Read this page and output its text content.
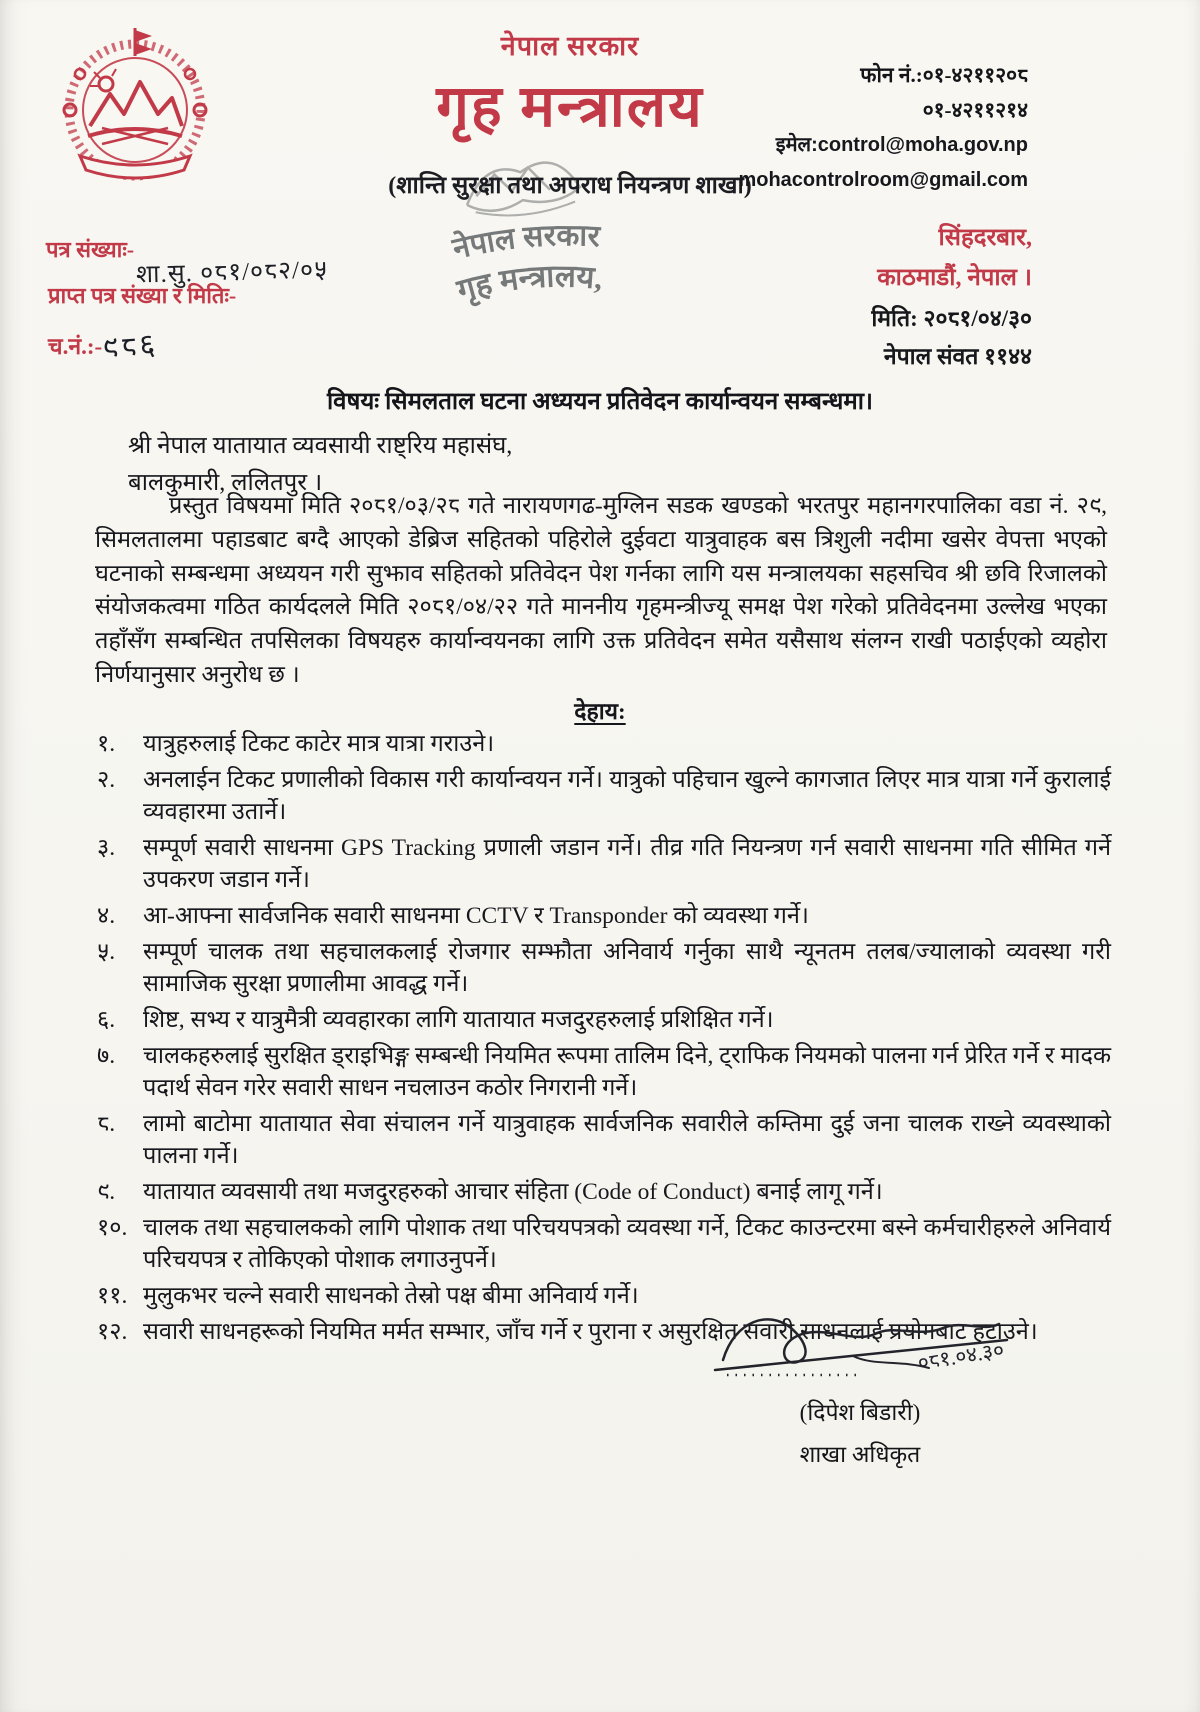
नेपाल सरकार
गृह मन्त्रालय,
नेपाल सरकार
गृह मन्त्रालय
(शान्ति सुरक्षा तथा अपराध नियन्त्रण शाखा)
फोन नं.:०१-४२११२०८
०१-४२११२१४
इमेल:control@moha.gov.np
mohacontrolroom@gmail.com
पत्र संख्याः-
शा.सु. ०८१/०८२/०५
प्राप्त पत्र संख्या र मितिः-
च.नं.:-९८६
सिंहदरबार,
काठमाडौं, नेपाल ।
मिति: २०८१/०४/३०
नेपाल संवत ११४४
विषयः सिमलताल घटना अध्ययन प्रतिवेदन कार्यान्वयन सम्बन्धमा।
श्री नेपाल यातायात व्यवसायी राष्ट्रिय महासंघ,
बालकुमारी, ललितपुर ।
प्रस्तुत विषयमा मिति २०८१/०३/२८ गते नारायणगढ-मुग्लिन सडक खण्डको भरतपुर महानगरपालिका वडा नं. २९, सिमलतालमा पहाडबाट बग्दै आएको डेब्रिज सहितको पहिरोले दुईवटा यात्रुवाहक बस त्रिशुली नदीमा खसेर वेपत्ता भएको घटनाको सम्बन्धमा अध्ययन गरी सुझाव सहितको प्रतिवेदन पेश गर्नका लागि यस मन्त्रालयका सहसचिव श्री छवि रिजालको संयोजकत्वमा गठित कार्यदलले मिति २०८१/०४/२२ गते माननीय गृहमन्त्रीज्यू समक्ष पेश गरेको प्रतिवेदनमा उल्लेख भएका तहाँसँग सम्बन्धित तपसिलका विषयहरु कार्यान्वयनका लागि उक्त प्रतिवेदन समेत यसैसाथ संलग्न राखी पठाईएको व्यहोरा निर्णयानुसार अनुरोध छ ।
देहाय:
१.	यात्रुहरुलाई टिकट काटेर मात्र यात्रा गराउने।
२.	अनलाईन टिकट प्रणालीको विकास गरी कार्यान्वयन गर्ने। यात्रुको पहिचान खुल्ने कागजात लिएर मात्र यात्रा गर्ने कुरालाई व्यवहारमा उतार्ने।
३.	सम्पूर्ण सवारी साधनमा GPS Tracking प्रणाली जडान गर्ने। तीव्र गति नियन्त्रण गर्न सवारी साधनमा गति सीमित गर्ने उपकरण जडान गर्ने।
४.	आ-आफ्ना सार्वजनिक सवारी साधनमा CCTV र Transponder को व्यवस्था गर्ने।
५.	सम्पूर्ण चालक तथा सहचालकलाई रोजगार सम्झौता अनिवार्य गर्नुका साथै न्यूनतम तलब/ज्यालाको व्यवस्था गरी सामाजिक सुरक्षा प्रणालीमा आवद्ध गर्ने।
६.	शिष्ट, सभ्य र यात्रुमैत्री व्यवहारका लागि यातायात मजदुरहरुलाई प्रशिक्षित गर्ने।
७.	चालकहरुलाई सुरक्षित ड्राइभिङ्ग सम्बन्धी नियमित रूपमा तालिम दिने, ट्राफिक नियमको पालना गर्न प्रेरित गर्ने र मादक पदार्थ सेवन गरेर सवारी साधन नचलाउन कठोर निगरानी गर्ने।
८.	लामो बाटोमा यातायात सेवा संचालन गर्ने यात्रुवाहक सार्वजनिक सवारीले कम्तिमा दुई जना चालक राख्ने व्यवस्थाको पालना गर्ने।
९.	यातायात व्यवसायी तथा मजदुरहरुको आचार संहिता (Code of Conduct) बनाई लागू गर्ने।
१०. चालक तथा सहचालकको लागि पोशाक तथा परिचयपत्रको व्यवस्था गर्ने, टिकट काउन्टरमा बस्ने कर्मचारीहरुले अनिवार्य परिचयपत्र र तोकिएको पोशाक लगाउनुपर्ने।
११. मुलुकभर चल्ने सवारी साधनको तेस्रो पक्ष बीमा अनिवार्य गर्ने।
१२. सवारी साधनहरूको नियमित मर्मत सम्भार, जाँच गर्ने र पुराना र असुरक्षित सवारी साधनलाई प्रयोगबाट हटाउने।
०८१.०४.३०
(दिपेश बिडारी)
शाखा अधिकृत
